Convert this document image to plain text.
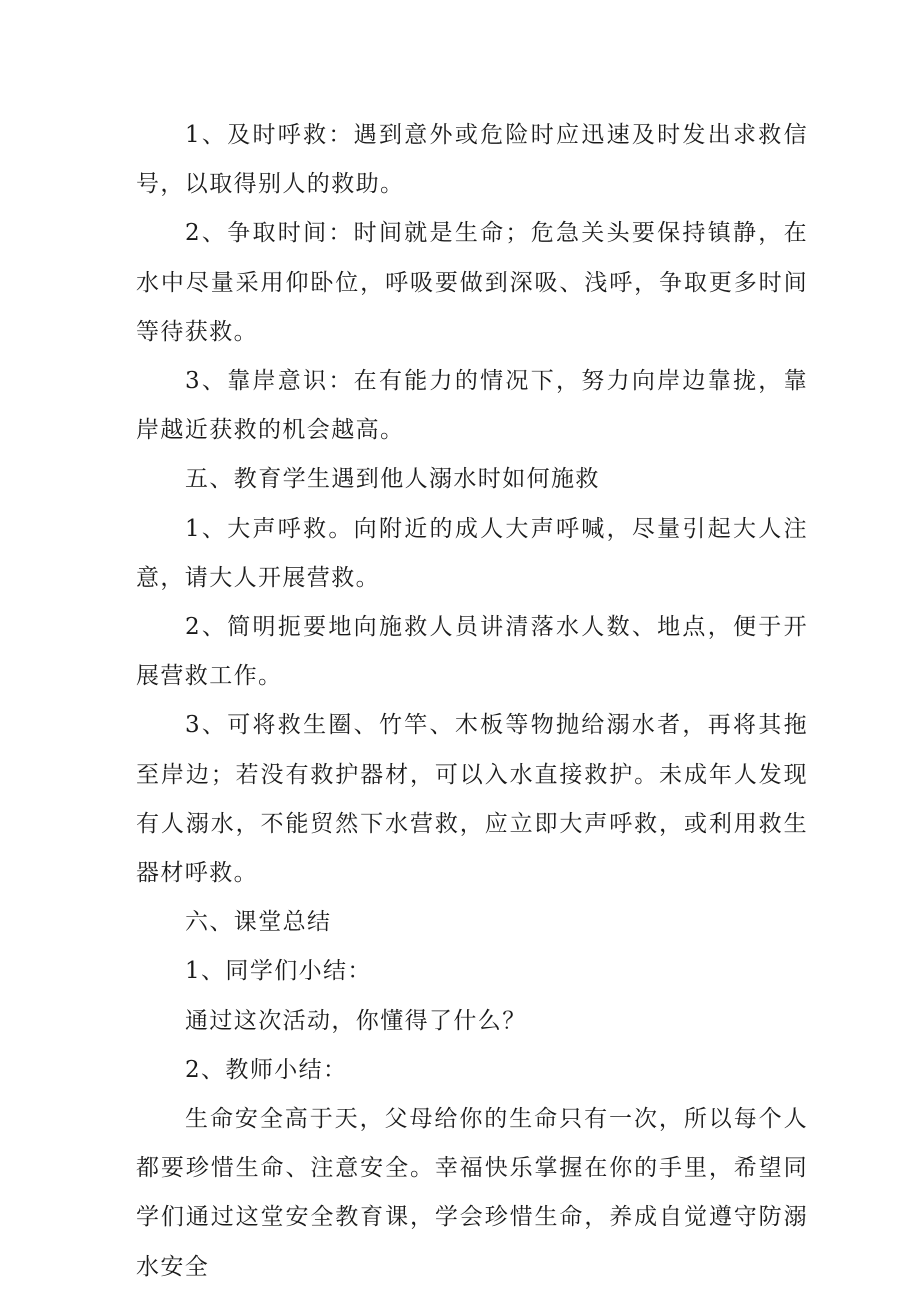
1、及时呼救：遇到意外或危险时应迅速及时发出求救信号，以取得别人的救助。

2、争取时间：时间就是生命；危急关头要保持镇静，在水中尽量采用仰卧位，呼吸要做到深吸、浅呼，争取更多时间等待获救。

3、靠岸意识：在有能力的情况下，努力向岸边靠拢，靠岸越近获救的机会越高。

五、教育学生遇到他人溺水时如何施救

1、大声呼救。向附近的成人大声呼喊，尽量引起大人注意，请大人开展营救。

2、简明扼要地向施救人员讲清落水人数、地点，便于开展营救工作。

3、可将救生圈、竹竿、木板等物抛给溺水者，再将其拖至岸边；若没有救护器材，可以入水直接救护。未成年人发现有人溺水，不能贸然下水营救，应立即大声呼救，或利用救生器材呼救。

六、课堂总结

1、同学们小结：

通过这次活动，你懂得了什么？

2、教师小结：

生命安全高于天，父母给你的生命只有一次，所以每个人都要珍惜生命、注意安全。幸福快乐掌握在你的手里，希望同学们通过这堂安全教育课，学会珍惜生命，养成自觉遵守防溺水安全
